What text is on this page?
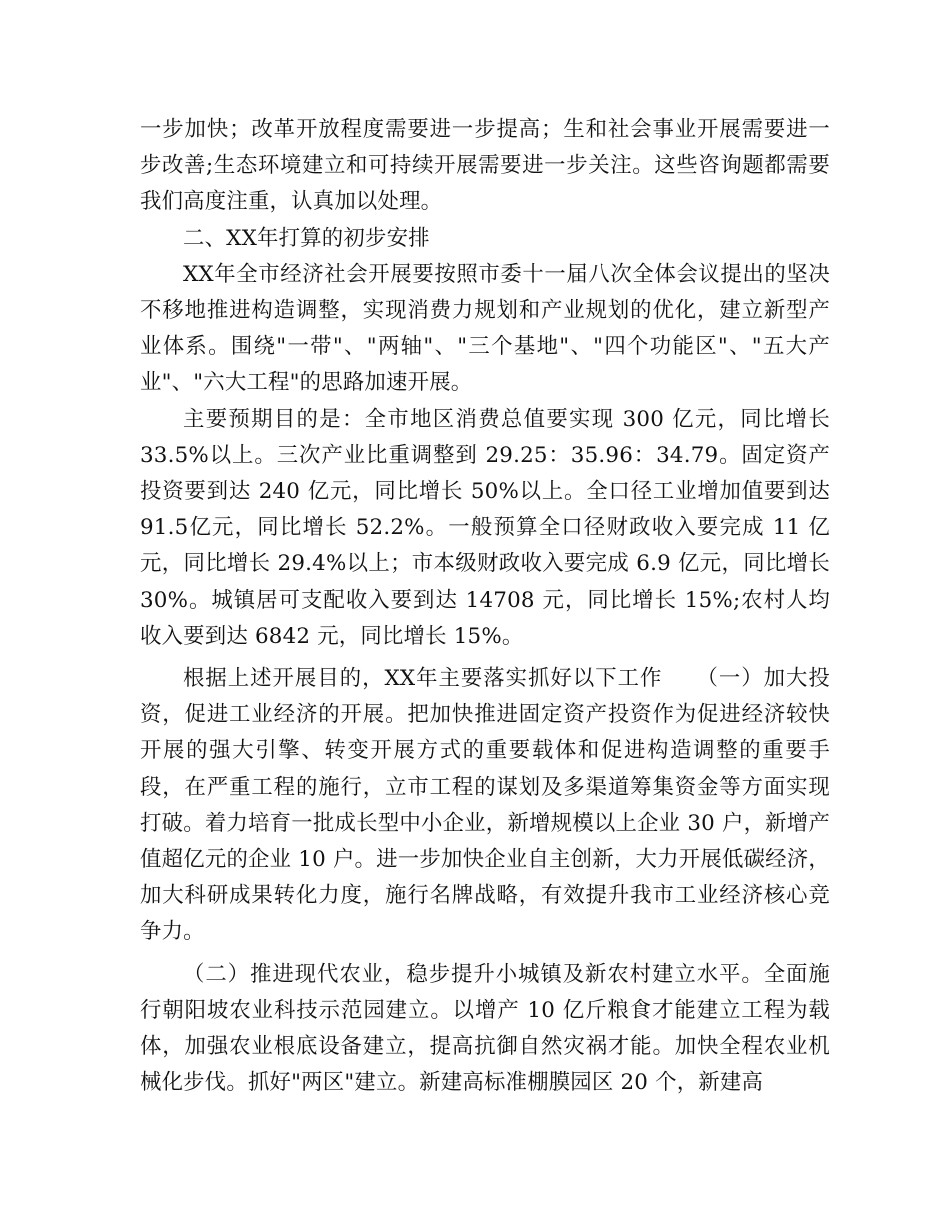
一步加快；改革开放程度需要进一步提高；生和社会事业开展需要进一步改善;生态环境建立和可持续开展需要进一步关注。这些咨询题都需要我们高度注重，认真加以处理。

二、XX年打算的初步安排

XX年全市经济社会开展要按照市委十一届八次全体会议提出的坚决不移地推进构造调整，实现消费力规划和产业规划的优化，建立新型产业体系。围绕"一带"、"两轴"、"三个基地"、"四个功能区"、"五大产业"、"六大工程"的思路加速开展。

主要预期目的是：全市地区消费总值要实现 300 亿元，同比增长 33.5%以上。三次产业比重调整到 29.25：35.96：34.79。固定资产投资要到达 240 亿元，同比增长 50%以上。全口径工业增加值要到达 91.5亿元，同比增长 52.2%。一般预算全口径财政收入要完成 11 亿元，同比增长 29.4%以上；市本级财政收入要完成 6.9 亿元，同比增长 30%。城镇居可支配收入要到达 14708 元，同比增长 15%;农村人均收入要到达 6842 元，同比增长 15%。

根据上述开展目的，XX年主要落实抓好以下工作　　（一）加大投资，促进工业经济的开展。把加快推进固定资产投资作为促进经济较快开展的强大引擎、转变开展方式的重要载体和促进构造调整的重要手段，在严重工程的施行，立市工程的谋划及多渠道筹集资金等方面实现打破。着力培育一批成长型中小企业，新增规模以上企业 30 户，新增产值超亿元的企业 10 户。进一步加快企业自主创新，大力开展低碳经济，加大科研成果转化力度，施行名牌战略，有效提升我市工业经济核心竞争力。

（二）推进现代农业，稳步提升小城镇及新农村建立水平。全面施行朝阳坡农业科技示范园建立。以增产 10 亿斤粮食才能建立工程为载体，加强农业根底设备建立，提高抗御自然灾祸才能。加快全程农业机械化步伐。抓好"两区"建立。新建高标准棚膜园区 20 个，新建高
